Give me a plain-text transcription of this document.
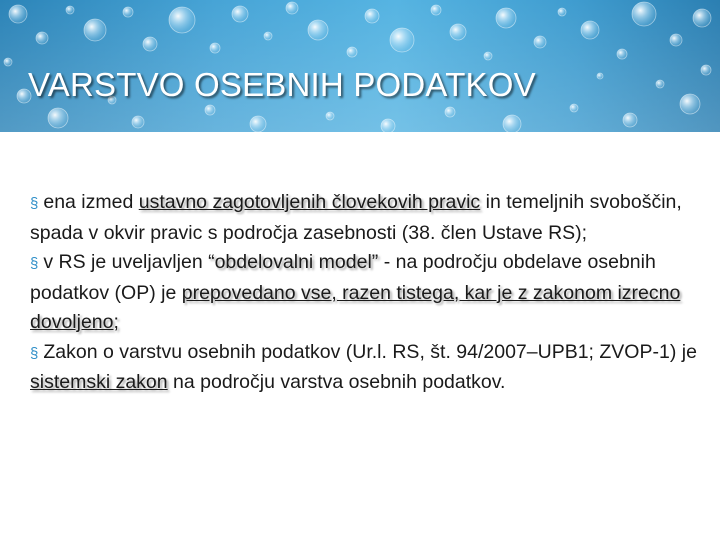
VARSTVO OSEBNIH PODATKOV
§ ena izmed ustavno zagotovljenih človekovih pravic in temeljnih svoboščin, spada v okvir pravic s področja zasebnosti (38. člen Ustave RS);
§ v RS je uveljavljen “obdelovalni model” - na področju obdelave osebnih podatkov (OP) je prepovedano vse, razen tistega, kar je z zakonom izrecno dovoljeno;
§ Zakon o varstvu osebnih podatkov (Ur.l. RS, št. 94/2007–UPB1; ZVOP-1) je sistemski zakon na področju varstva osebnih podatkov.
